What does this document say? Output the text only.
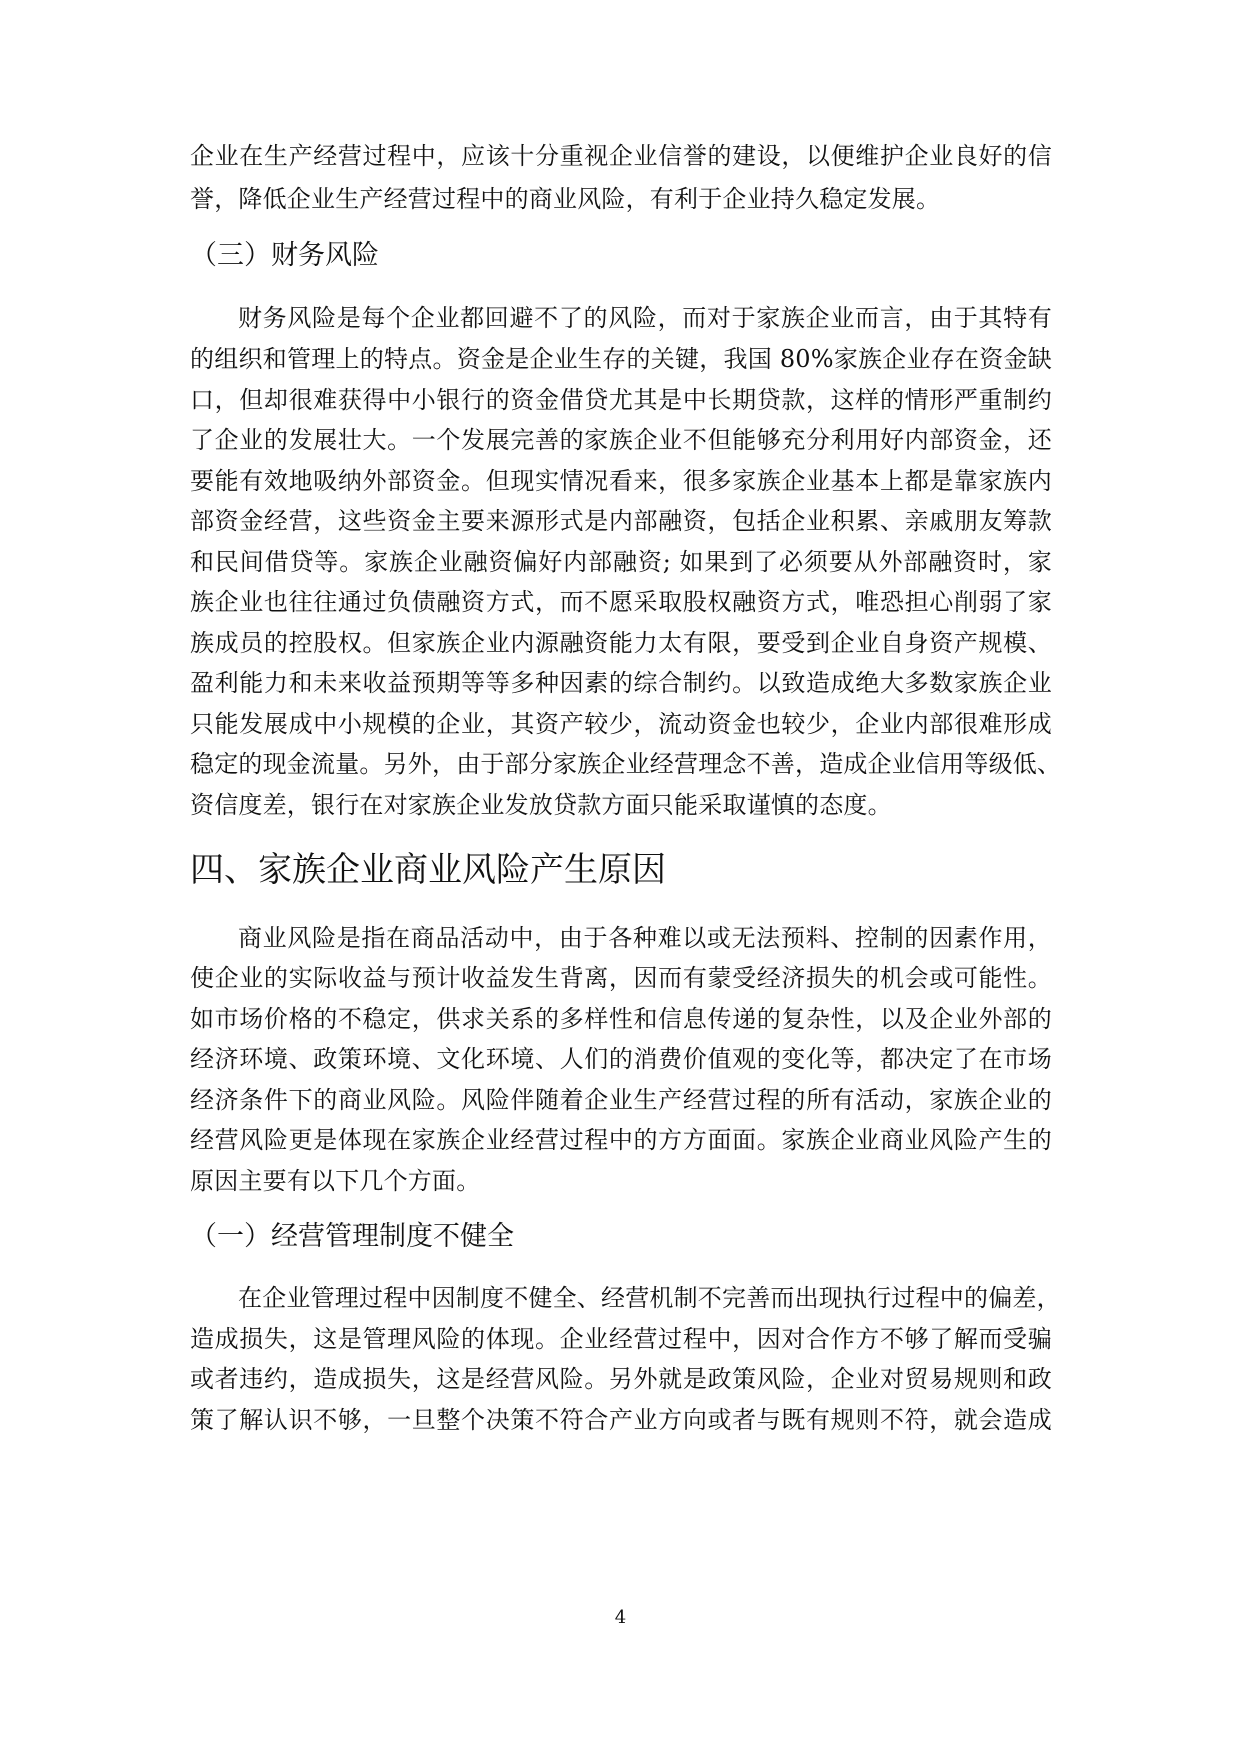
企业在生产经营过程中，应该十分重视企业信誉的建设，以便维护企业良好的信
誉，降低企业生产经营过程中的商业风险，有利于企业持久稳定发展。
（三）财务风险
财务风险是每个企业都回避不了的风险，而对于家族企业而言，由于其特有
的组织和管理上的特点。资金是企业生存的关键，我国 80%家族企业存在资金缺
口，但却很难获得中小银行的资金借贷尤其是中长期贷款，这样的情形严重制约
了企业的发展壮大。一个发展完善的家族企业不但能够充分利用好内部资金，还
要能有效地吸纳外部资金。但现实情况看来，很多家族企业基本上都是靠家族内
部资金经营，这些资金主要来源形式是内部融资，包括企业积累、亲戚朋友筹款
和民间借贷等。家族企业融资偏好内部融资; 如果到了必须要从外部融资时，家
族企业也往往通过负债融资方式，而不愿采取股权融资方式，唯恐担心削弱了家
族成员的控股权。但家族企业内源融资能力太有限，要受到企业自身资产规模、
盈利能力和未来收益预期等等多种因素的综合制约。以致造成绝大多数家族企业
只能发展成中小规模的企业，其资产较少，流动资金也较少，企业内部很难形成
稳定的现金流量。另外，由于部分家族企业经营理念不善，造成企业信用等级低、
资信度差，银行在对家族企业发放贷款方面只能采取谨慎的态度。
四、家族企业商业风险产生原因
商业风险是指在商品活动中，由于各种难以或无法预料、控制的因素作用，
使企业的实际收益与预计收益发生背离，因而有蒙受经济损失的机会或可能性。
如市场价格的不稳定，供求关系的多样性和信息传递的复杂性，以及企业外部的
经济环境、政策环境、文化环境、人们的消费价值观的变化等，都决定了在市场
经济条件下的商业风险。风险伴随着企业生产经营过程的所有活动，家族企业的
经营风险更是体现在家族企业经营过程中的方方面面。家族企业商业风险产生的
原因主要有以下几个方面。
（一）经营管理制度不健全
在企业管理过程中因制度不健全、经营机制不完善而出现执行过程中的偏差，
造成损失，这是管理风险的体现。企业经营过程中，因对合作方不够了解而受骗
或者违约，造成损失，这是经营风险。另外就是政策风险，企业对贸易规则和政
策了解认识不够，一旦整个决策不符合产业方向或者与既有规则不符，就会造成
4
